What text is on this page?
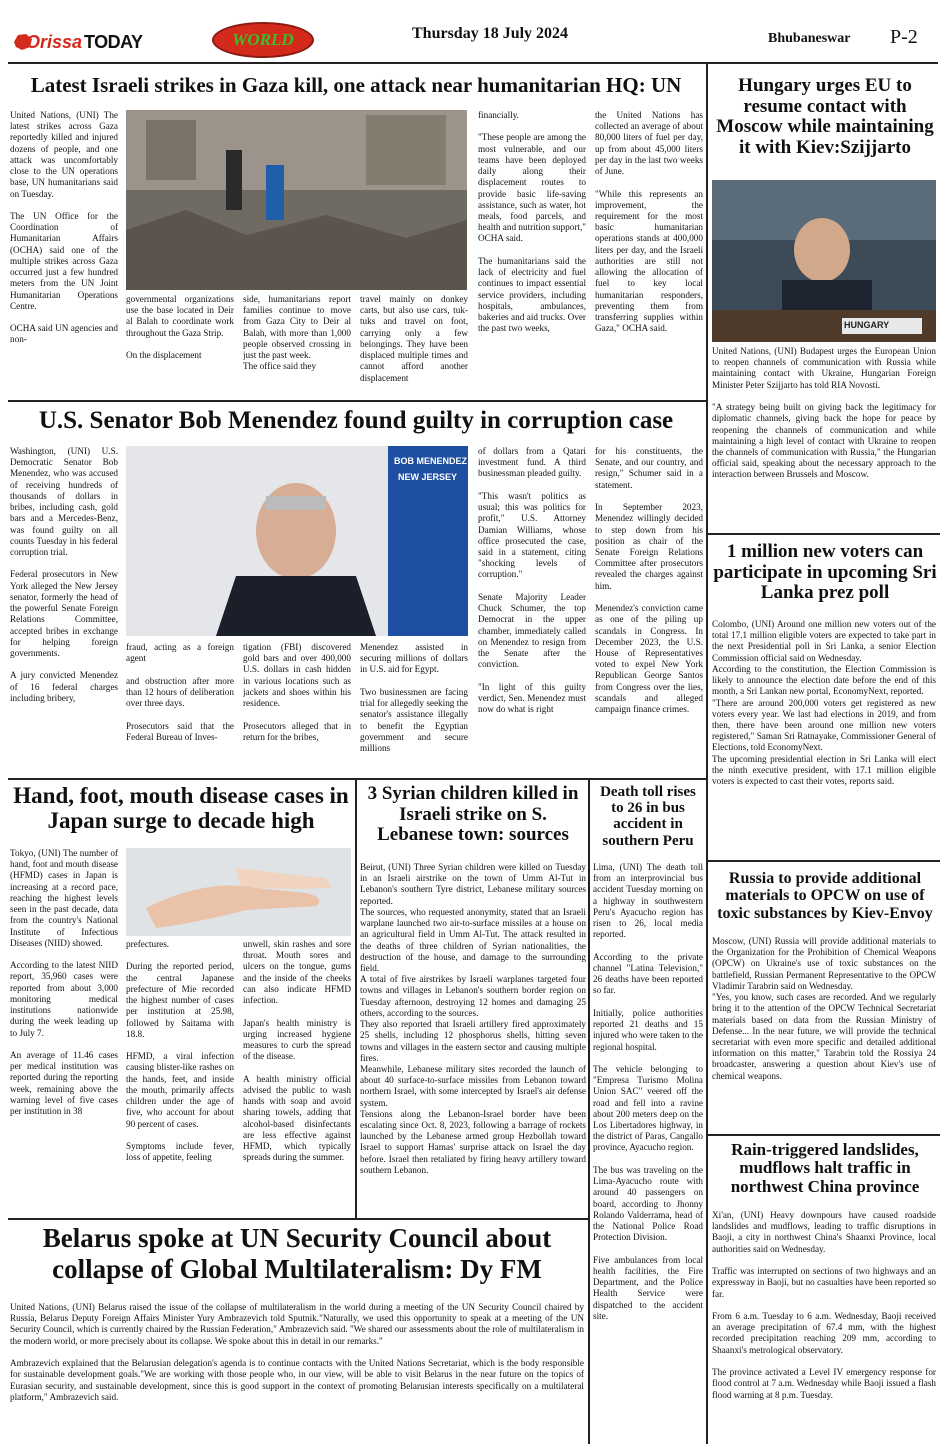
Orissa TODAY	WORLD	Thursday 18 July 2024	Bhubaneswar P-2
Latest Israeli strikes in Gaza kill, one attack near humanitarian HQ: UN
United Nations, (UNI) The latest strikes across Gaza reportedly killed and injured dozens of people, and one attack was uncomfortably close to the UN operations base, UN humanitarians said on Tuesday.

The UN Office for the Coordination of Humanitarian Affairs (OCHA) said one of the multiple strikes across Gaza occurred just a few hundred meters from the UN Joint Humanitarian Operations Centre.

OCHA said UN agencies and non-
governmental organizations use the base located in Deir al Balah to coordinate work throughout the Gaza Strip.

On the displacement
side, humanitarians report families continue to move from Gaza City to Deir al Balah, with more than 1,000 people observed crossing in just the past week.
The office said they
travel mainly on donkey carts, but also use cars, tuk-tuks and travel on foot, carrying only a few belongings. They have been displaced multiple times and cannot afford another displacement
financially.

"These people are among the most vulnerable, and our teams have been deployed daily along their displacement routes to provide basic life-saving assistance, such as water, hot meals, food parcels, and health and nutrition support," OCHA said.

The humanitarians said the lack of electricity and fuel continues to impact essential service providers, including hospitals, ambulances, bakeries and aid trucks. Over the past two weeks,
the United Nations has collected an average of about 80,000 liters of fuel per day, up from about 45,000 liters per day in the last two weeks of June.

"While this represents an improvement, the requirement for the most basic humanitarian operations stands at 400,000 liters per day, and the Israeli authorities are still not allowing the allocation of fuel to key local humanitarian responders, preventing them from transferring supplies within Gaza," OCHA said.
Hungary urges EU to resume contact with Moscow while maintaining it with Kiev:Szijjarto
HUNGARY
United Nations, (UNI) Budapest urges the European Union to reopen channels of communication with Russia while maintaining contact with Ukraine, Hungarian Foreign Minister Peter Szijjarto has told RIA Novosti.

"A strategy being built on giving back the legitimacy for diplomatic channels, giving back the hope for peace by reopening the channels of communication and while maintaining a high level of contact with Ukraine to reopen the channels of communication with Russia," the Hungarian official said, speaking about the necessary approach to the interaction between Brussels and Moscow.
U.S. Senator Bob Menendez found guilty in corruption case
Washington, (UNI) U.S. Democratic Senator Bob Menendez, who was accused of receiving hundreds of thousands of dollars in bribes, including cash, gold bars and a Mercedes-Benz, was found guilty on all counts Tuesday in his federal corruption trial.

Federal prosecutors in New York alleged the New Jersey senator, formerly the head of the powerful Senate Foreign Relations Committee, accepted bribes in exchange for helping foreign governments.

A jury convicted Menendez of 16 federal charges including bribery,
BOB MENENDEZ
NEW JERSEY
fraud, acting as a foreign agent

and obstruction after more than 12 hours of deliberation over three days.

Prosecutors said that the Federal Bureau of Inves-
tigation (FBI) discovered gold bars and over 400,000 U.S. dollars in cash hidden in various locations such as jackets and shoes within his residence.

Prosecutors alleged that in return for the bribes,
Menendez assisted in securing millions of dollars in U.S. aid for Egypt.

Two businessmen are facing trial for allegedly seeking the senator's assistance illegally to benefit the Egyptian government and secure millions
of dollars from a Qatari investment fund. A third businessman pleaded guilty.

"This wasn't politics as usual; this was politics for profit," U.S. Attorney Damian Williams, whose office prosecuted the case, said in a statement, citing "shocking levels of corruption."

Senate Majority Leader Chuck Schumer, the top Democrat in the upper chamber, immediately called on Menendez to resign from the Senate after the conviction.

"In light of this guilty verdict, Sen. Menendez must now do what is right
for his constituents, the Senate, and our country, and resign," Schumer said in a statement.

In September 2023, Menendez willingly decided to step down from his position as chair of the Senate Foreign Relations Committee after prosecutors revealed the charges against him.

Menendez's conviction came as one of the piling up scandals in Congress. In December 2023, the U.S. House of Representatives voted to expel New York Republican George Santos from Congress over the lies, scandals and alleged campaign finance crimes.
1 million new voters can participate in upcoming Sri Lanka prez poll
Colombo, (UNI) Around one million new voters out of the total 17.1 million eligible voters are expected to take part in the next Presidential poll in Sri Lanka, a senior Election Commission official said on Wednesday.
According to the constitution, the Election Commission is likely to announce the election date before the end of this month, a Sri Lankan new portal, EconomyNext, reported.
"There are around 200,000 voters get registered as new voters every year. We last had elections in 2019, and from then, there have been around one million new voters registered," Saman Sri Ratnayake, Commissioner General of Elections, told EconomyNext.
The upcoming presidential election in Sri Lanka will elect the ninth executive president, with 17.1 million eligible voters is expected to cast their votes, reports said.
Hand, foot, mouth disease cases in Japan surge to decade high
Tokyo, (UNI) The number of hand, foot and mouth disease (HFMD) cases in Japan is increasing at a record pace, reaching the highest levels seen in the past decade, data from the country's National Institute of Infectious Diseases (NIID) showed.

According to the latest NIID report, 35,960 cases were reported from about 3,000 monitoring medical institutions nationwide during the week leading up to July 7.

An average of 11.46 cases per medical institution was reported during the reporting week, remaining above the warning level of five cases per institution in 38
prefectures.

During the reported period, the central Japanese prefecture of Mie recorded the highest number of cases per institution at 25.98, followed by Saitama with 18.8.

HFMD, a viral infection causing blister-like rashes on the hands, feet, and inside the mouth, primarily affects children under the age of five, who account for about 90 percent of cases.

Symptoms include fever, loss of appetite, feeling
unwell, skin rashes and sore throat. Mouth sores and ulcers on the tongue, gums and the inside of the cheeks can also indicate HFMD infection.

Japan's health ministry is urging increased hygiene measures to curb the spread of the disease.

A health ministry official advised the public to wash hands with soap and avoid sharing towels, adding that alcohol-based disinfectants are less effective against HFMD, which typically spreads during the summer.
3 Syrian children killed in Israeli strike on S. Lebanese town: sources
Beirut, (UNI) Three Syrian children were killed on Tuesday in an Israeli airstrike on the town of Umm Al-Tut in Lebanon's southern Tyre district, Lebanese military sources reported.
The sources, who requested anonymity, stated that an Israeli warplane launched two air-to-surface missiles at a house on an agricultural field in Umm Al-Tut. The attack resulted in the deaths of three children of Syrian nationalities, the destruction of the house, and damage to the surrounding field.
A total of five airstrikes by Israeli warplanes targeted four towns and villages in Lebanon's southern border region on Tuesday afternoon, destroying 12 homes and damaging 25 others, according to the sources.
They also reported that Israeli artillery fired approximately 25 shells, including 12 phosphorus shells, hitting seven towns and villages in the eastern sector and causing multiple fires.
Meanwhile, Lebanese military sites recorded the launch of about 40 surface-to-surface missiles from Lebanon toward northern Israel, with some intercepted by Israel's air defense system.
Tensions along the Lebanon-Israel border have been escalating since Oct. 8, 2023, following a barrage of rockets launched by the Lebanese armed group Hezbollah toward Israel to support Hamas' surprise attack on Israel the day before. Israel then retaliated by firing heavy artillery toward southern Lebanon.
Death toll rises to 26 in bus accident in southern Peru
Lima, (UNI) The death toll from an interprovincial bus accident Tuesday morning on a highway in southwestern Peru's Ayacucho region has risen to 26, local media reported.

According to the private channel "Latina Television," 26 deaths have been reported so far.

Initially, police authorities reported 21 deaths and 15 injured who were taken to the regional hospital.

The vehicle belonging to "Empresa Turismo Molina Union SAC" veered off the road and fell into a ravine about 200 meters deep on the Los Libertadores highway, in the district of Paras, Cangallo province, Ayacucho region.

The bus was traveling on the Lima-Ayacucho route with around 40 passengers on board, according to Jhonny Rolando Valderrama, head of the National Police Road Protection Division.

Five ambulances from local health facilities, the Fire Department, and the Police Health Service were dispatched to the accident site.
Russia to provide additional materials to OPCW on use of toxic substances by Kiev-Envoy
Moscow, (UNI) Russia will provide additional materials to the Organization for the Prohibition of Chemical Weapons (OPCW) on Ukraine's use of toxic substances on the battlefield, Russian Permanent Representative to the OPCW Vladimir Tarabrin said on Wednesday.
"Yes, you know, such cases are recorded. And we regularly bring it to the attention of the OPCW Technical Secretariat materials based on data from the Russian Ministry of Defense... In the near future, we will provide the technical secretariat with even more specific and detailed additional information on this matter," Tarabrin told the Rossiya 24 broadcaster, answering a question about Kiev's use of chemical weapons.
Belarus spoke at UN Security Council about collapse of Global Multilateralism: Dy FM
United Nations, (UNI) Belarus raised the issue of the collapse of multilateralism in the world during a meeting of the UN Security Council chaired by Russia, Belarus Deputy Foreign Affairs Minister Yury Ambrazevich told Sputnik."Naturally, we used this opportunity to speak at a meeting of the UN Security Council, which is currently chaired by the Russian Federation," Ambrazevich said. "We shared our assessments about the role of multilateralism in the modern world, or more precisely about its collapse. We spoke about this in detail in our remarks."

Ambrazevich explained that the Belarusian delegation's agenda is to continue contacts with the United Nations Secretariat, which is the body responsible for sustainable development goals."We are working with those people who, in our view, will be able to visit Belarus in the near future on the topics of Eurasian security, and sustainable development, since this is good support in the context of promoting Belarusian interests specifically on a multilateral platform," Ambrazevich said.
Rain-triggered landslides, mudflows halt traffic in northwest China province
Xi'an, (UNI) Heavy downpours have caused roadside landslides and mudflows, leading to traffic disruptions in Baoji, a city in northwest China's Shaanxi Province, local authorities said on Wednesday.

Traffic was interrupted on sections of two highways and an expressway in Baoji, but no casualties have been reported so far.

From 6 a.m. Tuesday to 6 a.m. Wednesday, Baoji received an average precipitation of 67.4 mm, with the highest recorded precipitation reaching 209 mm, according to Shaanxi's metrological observatory.

The province activated a Level IV emergency response for flood control at 7 a.m. Wednesday while Baoji issued a flash flood warning at 8 p.m. Tuesday.
